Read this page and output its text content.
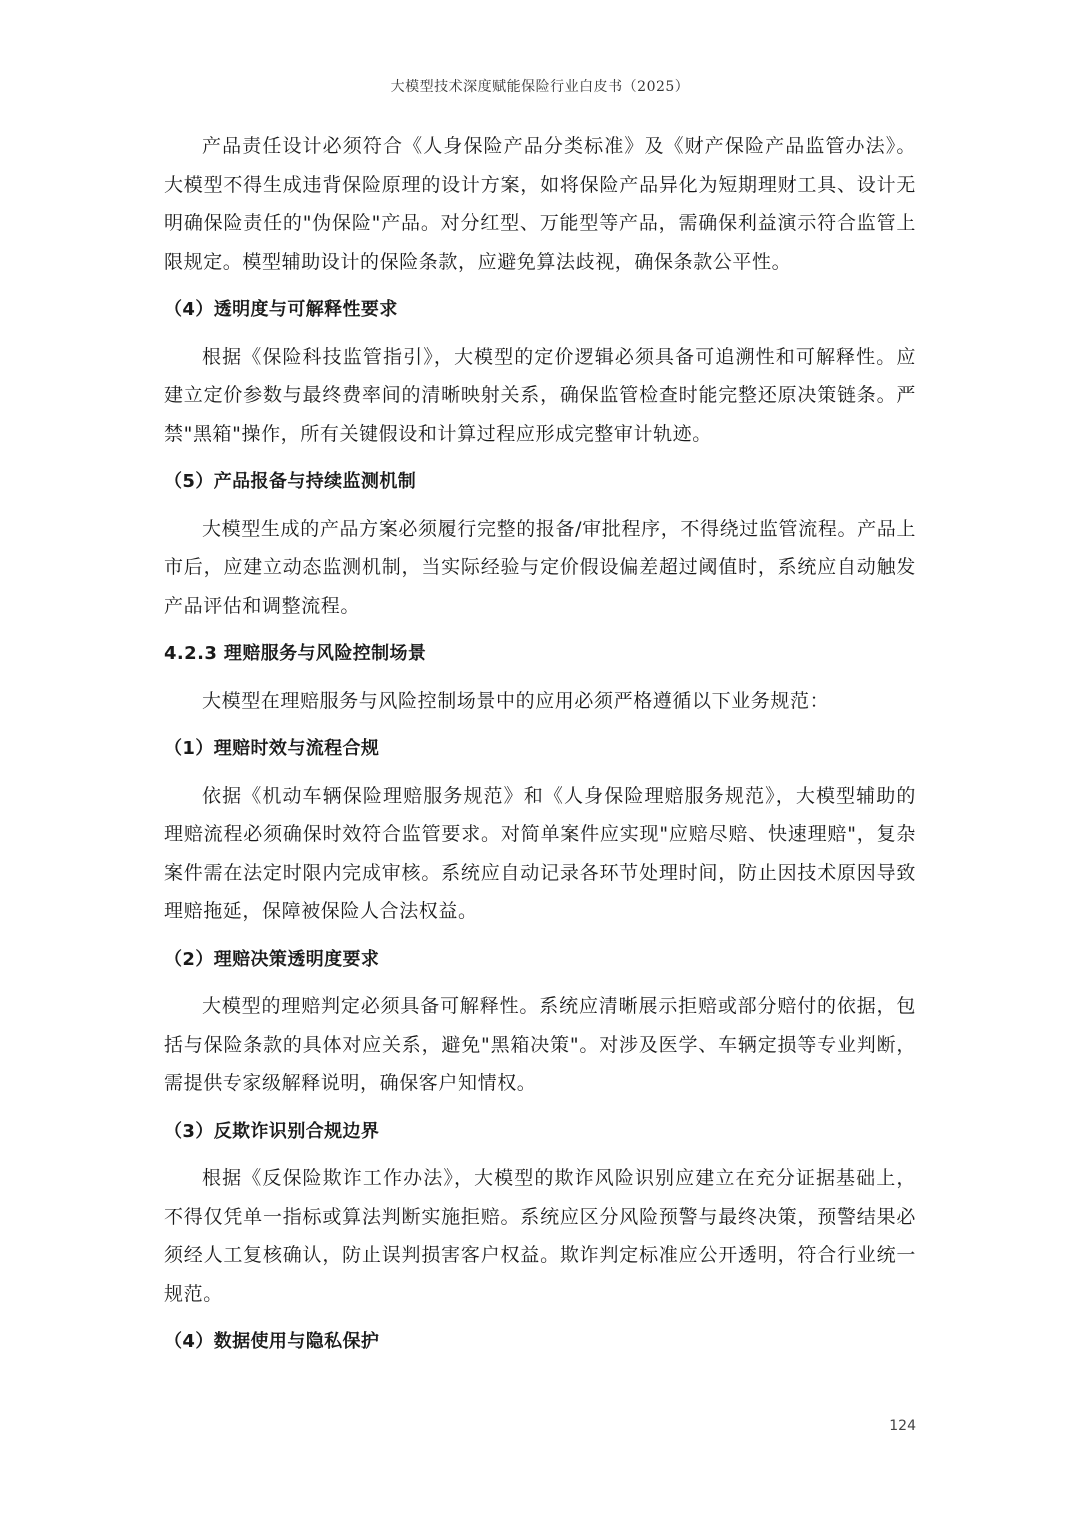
大模型技术深度赋能保险行业白皮书（2025）

产品责任设计必须符合《人身保险产品分类标准》及《财产保险产品监管办法》。大模型不得生成违背保险原理的设计方案，如将保险产品异化为短期理财工具、设计无明确保险责任的"伪保险"产品。对分红型、万能型等产品，需确保利益演示符合监管上限规定。模型辅助设计的保险条款，应避免算法歧视，确保条款公平性。

（4）透明度与可解释性要求

根据《保险科技监管指引》，大模型的定价逻辑必须具备可追溯性和可解释性。应建立定价参数与最终费率间的清晰映射关系，确保监管检查时能完整还原决策链条。严禁"黑箱"操作，所有关键假设和计算过程应形成完整审计轨迹。

（5）产品报备与持续监测机制

大模型生成的产品方案必须履行完整的报备/审批程序，不得绕过监管流程。产品上市后，应建立动态监测机制，当实际经验与定价假设偏差超过阈值时，系统应自动触发产品评估和调整流程。

4.2.3 理赔服务与风险控制场景

大模型在理赔服务与风险控制场景中的应用必须严格遵循以下业务规范：

（1）理赔时效与流程合规

依据《机动车辆保险理赔服务规范》和《人身保险理赔服务规范》，大模型辅助的理赔流程必须确保时效符合监管要求。对简单案件应实现"应赔尽赔、快速理赔"，复杂案件需在法定时限内完成审核。系统应自动记录各环节处理时间，防止因技术原因导致理赔拖延，保障被保险人合法权益。

（2）理赔决策透明度要求

大模型的理赔判定必须具备可解释性。系统应清晰展示拒赔或部分赔付的依据，包括与保险条款的具体对应关系，避免"黑箱决策"。对涉及医学、车辆定损等专业判断，需提供专家级解释说明，确保客户知情权。

（3）反欺诈识别合规边界

根据《反保险欺诈工作办法》，大模型的欺诈风险识别应建立在充分证据基础上，不得仅凭单一指标或算法判断实施拒赔。系统应区分风险预警与最终决策，预警结果必须经人工复核确认，防止误判损害客户权益。欺诈判定标准应公开透明，符合行业统一规范。

（4）数据使用与隐私保护

124
